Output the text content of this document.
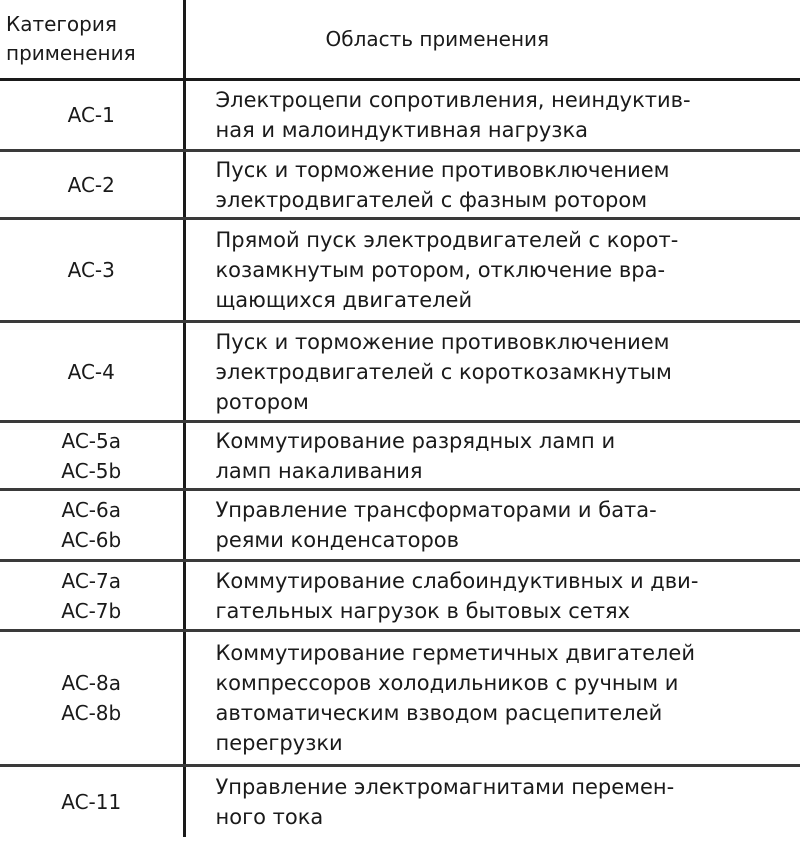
Категория
применения	Область применения

AC-1	Электроцепи сопротивления, неиндуктив-
ная и малоиндуктивная нагрузка

AC-2	Пуск и торможение противовключением
электродвигателей с фазным ротором

AC-3	Прямой пуск электродвигателей с корот-
козамкнутым ротором, отключение вра-
щающихся двигателей

AC-4	Пуск и торможение противовключением
электродвигателей с короткозамкнутым
ротором

AC-5a
AC-5b	Коммутирование разрядных ламп и
ламп накаливания

AC-6a
AC-6b	Управление трансформаторами и бата-
реями конденсаторов

AC-7a
AC-7b	Коммутирование слабоиндуктивных и дви-
гательных нагрузок в бытовых сетях

AC-8a
AC-8b	Коммутирование герметичных двигателей
компрессоров холодильников с ручным и
автоматическим взводом расцепителей
перегрузки

AC-11	Управление электромагнитами перемен-
ного тока
